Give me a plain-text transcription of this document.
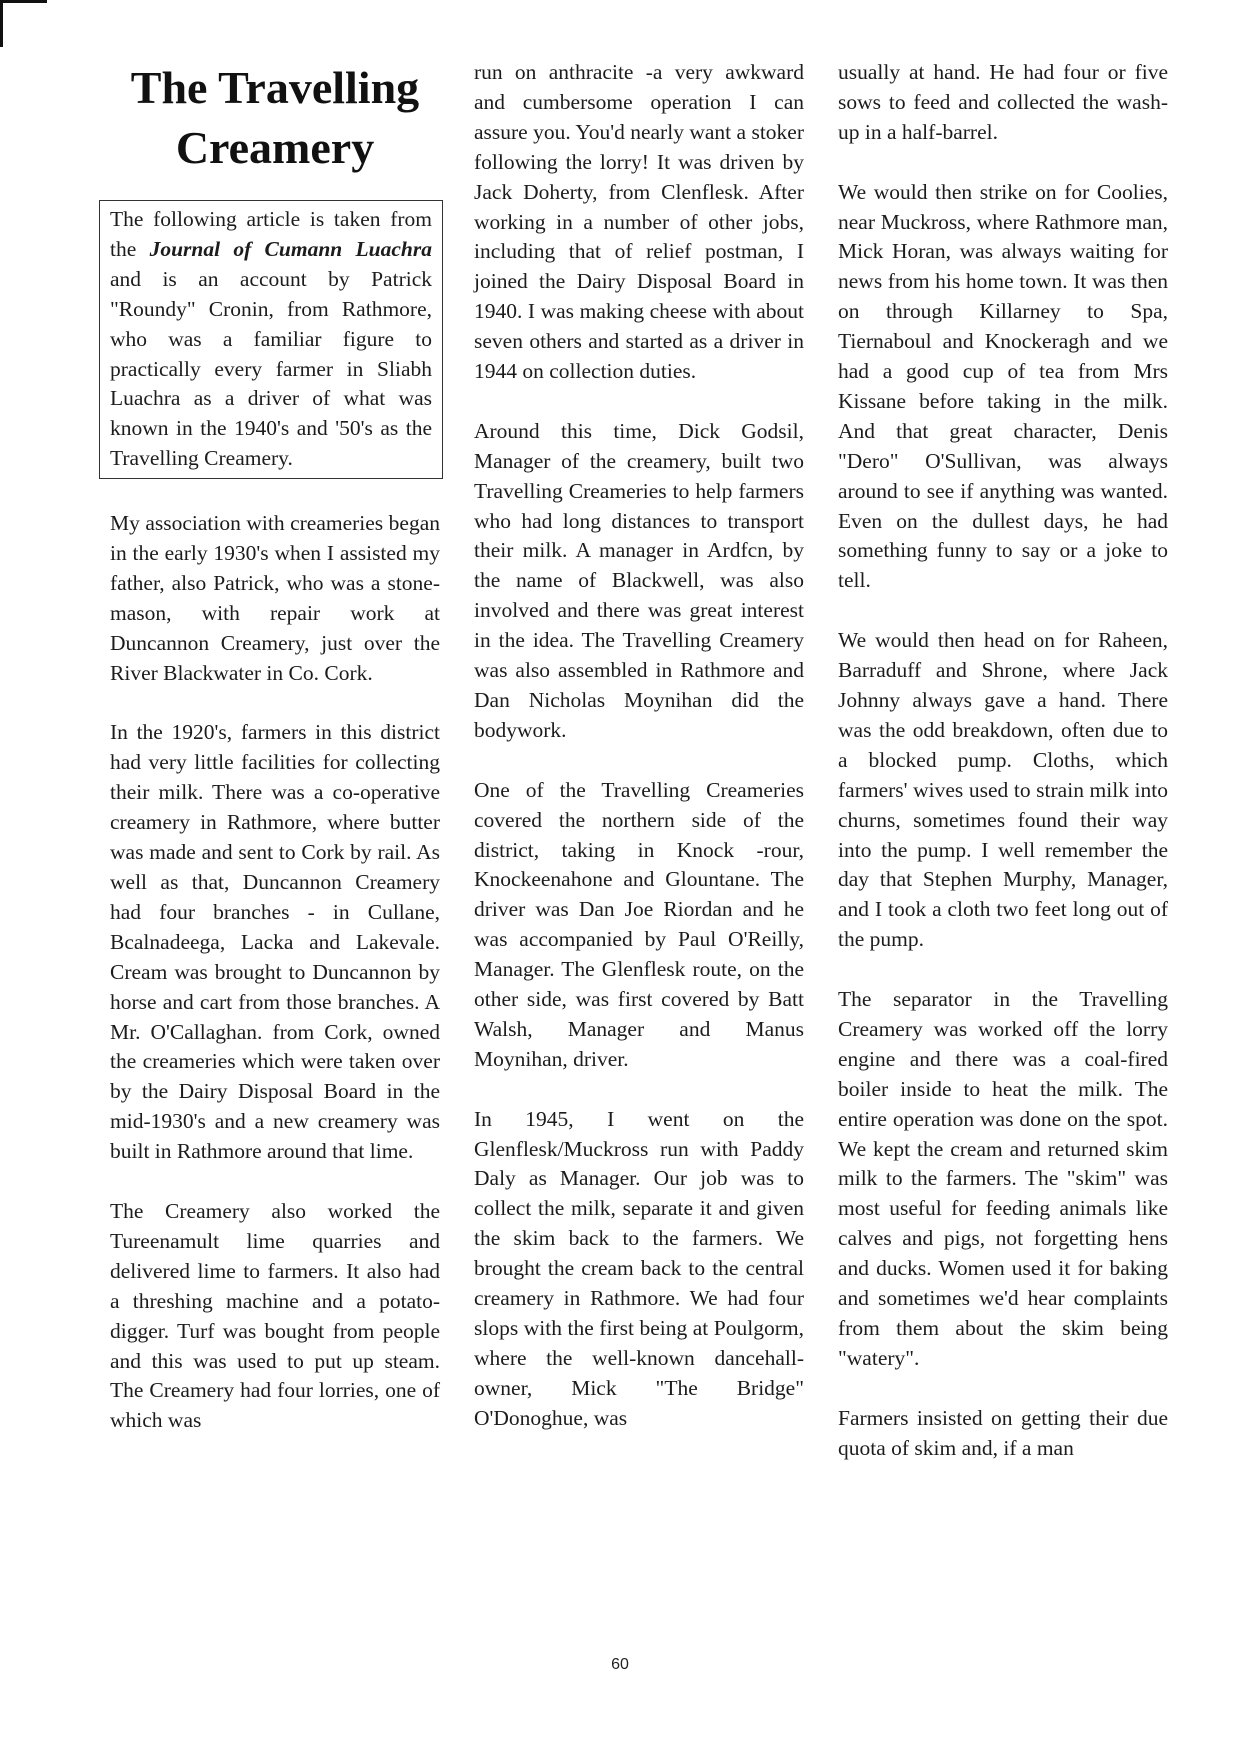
The Travelling Creamery

The following article is taken from the Journal of Cumann Luachra and is an account by Patrick "Roundy" Cronin, from Rathmore, who was a familiar figure to practically every farmer in Sliabh Luachra as a driver of what was known in the 1940's and '50's as the Travelling Creamery.

My association with creameries began in the early 1930's when I assisted my father, also Patrick, who was a stone-mason, with repair work at Duncannon Creamery, just over the River Blackwater in Co. Cork.

In the 1920's, farmers in this district had very little facilities for collecting their milk. There was a co-operative creamery in Rathmore, where butter was made and sent to Cork by rail. As well as that, Duncannon Creamery had four branches - in Cullane, Bcalnadeega, Lacka and Lakevale. Cream was brought to Duncannon by horse and cart from those branches. A Mr. O'Callaghan. from Cork, owned the creameries which were taken over by the Dairy Disposal Board in the mid-1930's and a new creamery was built in Rathmore around that lime.

The Creamery also worked the Tureenamult lime quarries and delivered lime to farmers. It also had a threshing machine and a potato-digger. Turf was bought from people and this was used to put up steam. The Creamery had four lorries, one of which was

run on anthracite -a very awkward and cumbersome operation I can assure you. You'd nearly want a stoker following the lorry! It was driven by Jack Doherty, from Clenflesk. After working in a number of other jobs, including that of relief postman, I joined the Dairy Disposal Board in 1940. I was making cheese with about seven others and started as a driver in 1944 on collection duties.

Around this time, Dick Godsil, Manager of the creamery, built two Travelling Creameries to help farmers who had long distances to transport their milk. A manager in Ardfcn, by the name of Blackwell, was also involved and there was great interest in the idea. The Travelling Creamery was also assembled in Rathmore and Dan Nicholas Moynihan did the bodywork.

One of the Travelling Creameries covered the northern side of the district, taking in Knock -rour, Knockeenahone and Glountane. The driver was Dan Joe Riordan and he was accompanied by Paul O'Reilly, Manager. The Glenflesk route, on the other side, was first covered by Batt Walsh, Manager and Manus Moynihan, driver.

In 1945, I went on the Glenflesk/Muckross run with Paddy Daly as Manager. Our job was to collect the milk, separate it and given the skim back to the farmers. We brought the cream back to the central creamery in Rathmore. We had four slops with the first being at Poulgorm, where the well-known dancehall-owner, Mick "The Bridge" O'Donoghue, was

usually at hand. He had four or five sows to feed and collected the wash-up in a half-barrel.

We would then strike on for Coolies, near Muckross, where Rathmore man, Mick Horan, was always waiting for news from his home town. It was then on through Killarney to Spa, Tiernaboul and Knockeragh and we had a good cup of tea from Mrs Kissane before taking in the milk. And that great character, Denis "Dero" O'Sullivan, was always around to see if anything was wanted. Even on the dullest days, he had something funny to say or a joke to tell.

We would then head on for Raheen, Barraduff and Shrone, where Jack Johnny always gave a hand. There was the odd breakdown, often due to a blocked pump. Cloths, which farmers' wives used to strain milk into churns, sometimes found their way into the pump. I well remember the day that Stephen Murphy, Manager, and I took a cloth two feet long out of the pump.

The separator in the Travelling Creamery was worked off the lorry engine and there was a coal-fired boiler inside to heat the milk. The entire operation was done on the spot. We kept the cream and returned skim milk to the farmers. The "skim" was most useful for feeding animals like calves and pigs, not forgetting hens and ducks. Women used it for baking and sometimes we'd hear complaints from them about the skim being "watery".

Farmers insisted on getting their due quota of skim and, if a man

60
